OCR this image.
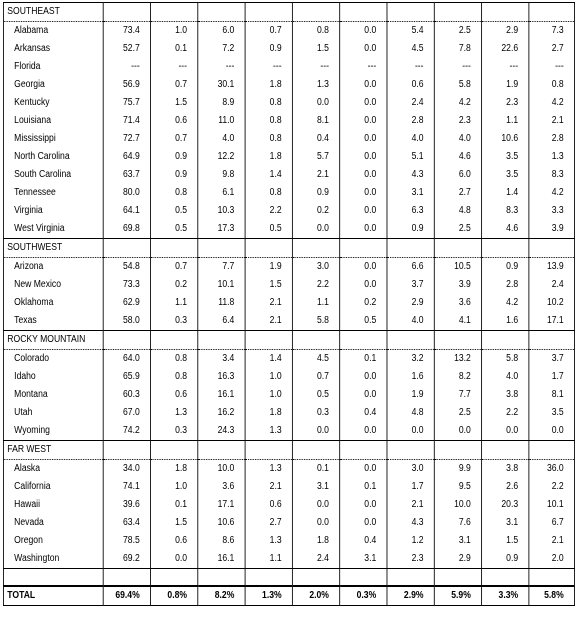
SOUTHEAST										
Alabama	73.4	1.0	6.0	0.7	0.8	0.0	5.4	2.5	2.9	7.3
Arkansas	52.7	0.1	7.2	0.9	1.5	0.0	4.5	7.8	22.6	2.7
Florida	---	---	---	---	---	---	---	---	---	---
Georgia	56.9	0.7	30.1	1.8	1.3	0.0	0.6	5.8	1.9	0.8
Kentucky	75.7	1.5	8.9	0.8	0.0	0.0	2.4	4.2	2.3	4.2
Louisiana	71.4	0.6	11.0	0.8	8.1	0.0	2.8	2.3	1.1	2.1
Mississippi	72.7	0.7	4.0	0.8	0.4	0.0	4.0	4.0	10.6	2.8
North Carolina	64.9	0.9	12.2	1.8	5.7	0.0	5.1	4.6	3.5	1.3
South Carolina	63.7	0.9	9.8	1.4	2.1	0.0	4.3	6.0	3.5	8.3
Tennessee	80.0	0.8	6.1	0.8	0.9	0.0	3.1	2.7	1.4	4.2
Virginia	64.1	0.5	10.3	2.2	0.2	0.0	6.3	4.8	8.3	3.3
West Virginia	69.8	0.5	17.3	0.5	0.0	0.0	0.9	2.5	4.6	3.9
SOUTHWEST										
Arizona	54.8	0.7	7.7	1.9	3.0	0.0	6.6	10.5	0.9	13.9
New Mexico	73.3	0.2	10.1	1.5	2.2	0.0	3.7	3.9	2.8	2.4
Oklahoma	62.9	1.1	11.8	2.1	1.1	0.2	2.9	3.6	4.2	10.2
Texas	58.0	0.3	6.4	2.1	5.8	0.5	4.0	4.1	1.6	17.1
ROCKY MOUNTAIN										
Colorado	64.0	0.8	3.4	1.4	4.5	0.1	3.2	13.2	5.8	3.7
Idaho	65.9	0.8	16.3	1.0	0.7	0.0	1.6	8.2	4.0	1.7
Montana	60.3	0.6	16.1	1.0	0.5	0.0	1.9	7.7	3.8	8.1
Utah	67.0	1.3	16.2	1.8	0.3	0.4	4.8	2.5	2.2	3.5
Wyoming	74.2	0.3	24.3	1.3	0.0	0.0	0.0	0.0	0.0	0.0
FAR WEST										
Alaska	34.0	1.8	10.0	1.3	0.1	0.0	3.0	9.9	3.8	36.0
California	74.1	1.0	3.6	2.1	3.1	0.1	1.7	9.5	2.6	2.2
Hawaii	39.6	0.1	17.1	0.6	0.0	0.0	2.1	10.0	20.3	10.1
Nevada	63.4	1.5	10.6	2.7	0.0	0.0	4.3	7.6	3.1	6.7
Oregon	78.5	0.6	8.6	1.3	1.8	0.4	1.2	3.1	1.5	2.1
Washington	69.2	0.0	16.1	1.1	2.4	3.1	2.3	2.9	0.9	2.0

TOTAL	69.4%	0.8%	8.2%	1.3%	2.0%	0.3%	2.9%	5.9%	3.3%	5.8%
